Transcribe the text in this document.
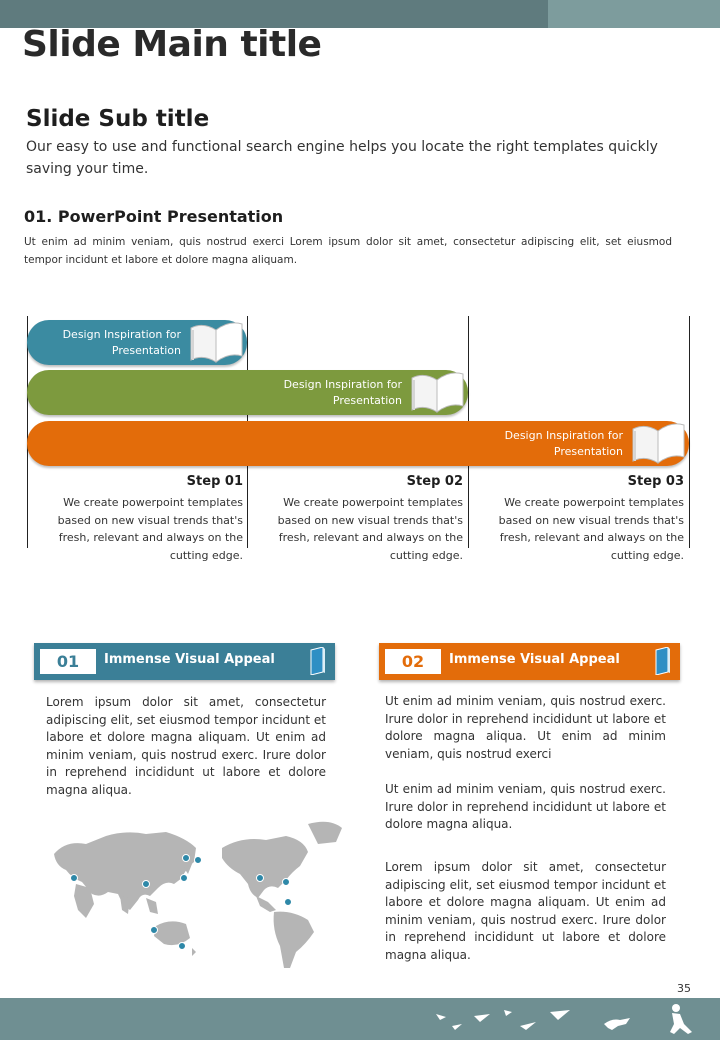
Slide Main title
Slide Sub title
Our easy to use and functional search engine helps you locate the right templates quickly saving your time.
01. PowerPoint Presentation
Ut enim ad minim veniam, quis nostrud exerci Lorem ipsum dolor sit amet, consectetur adipiscing elit, set eiusmod tempor incidunt et labore et dolore magna aliquam.
Design Inspiration for Presentation
Design Inspiration for Presentation
Design Inspiration for Presentation
Step 01
We create powerpoint templates based on new visual trends that's fresh, relevant and always on the cutting edge.
Step 02
We create powerpoint templates based on new visual trends that's fresh, relevant and always on the cutting edge.
Step 03
We create powerpoint templates based on new visual trends that's fresh, relevant and always on the cutting edge.
01	Immense Visual Appeal	02	Immense Visual Appeal
Lorem ipsum dolor sit amet, consectetur adipiscing elit, set eiusmod tempor incidunt et labore et dolore magna aliquam. Ut enim ad minim veniam, quis nostrud exerc. Irure dolor in reprehend incididunt ut labore et dolore magna aliqua.
Ut enim ad minim veniam, quis nostrud exerc. Irure dolor in reprehend incididunt ut labore et dolore magna aliqua. Ut enim ad minim veniam, quis nostrud exerci
Ut enim ad minim veniam, quis nostrud exerc. Irure dolor in reprehend incididunt ut labore et dolore magna aliqua.
Lorem ipsum dolor sit amet, consectetur adipiscing elit, set eiusmod tempor incidunt et labore et dolore magna aliquam. Ut enim ad minim veniam, quis nostrud exerc. Irure dolor in reprehend incididunt ut labore et dolore magna aliqua.
35
